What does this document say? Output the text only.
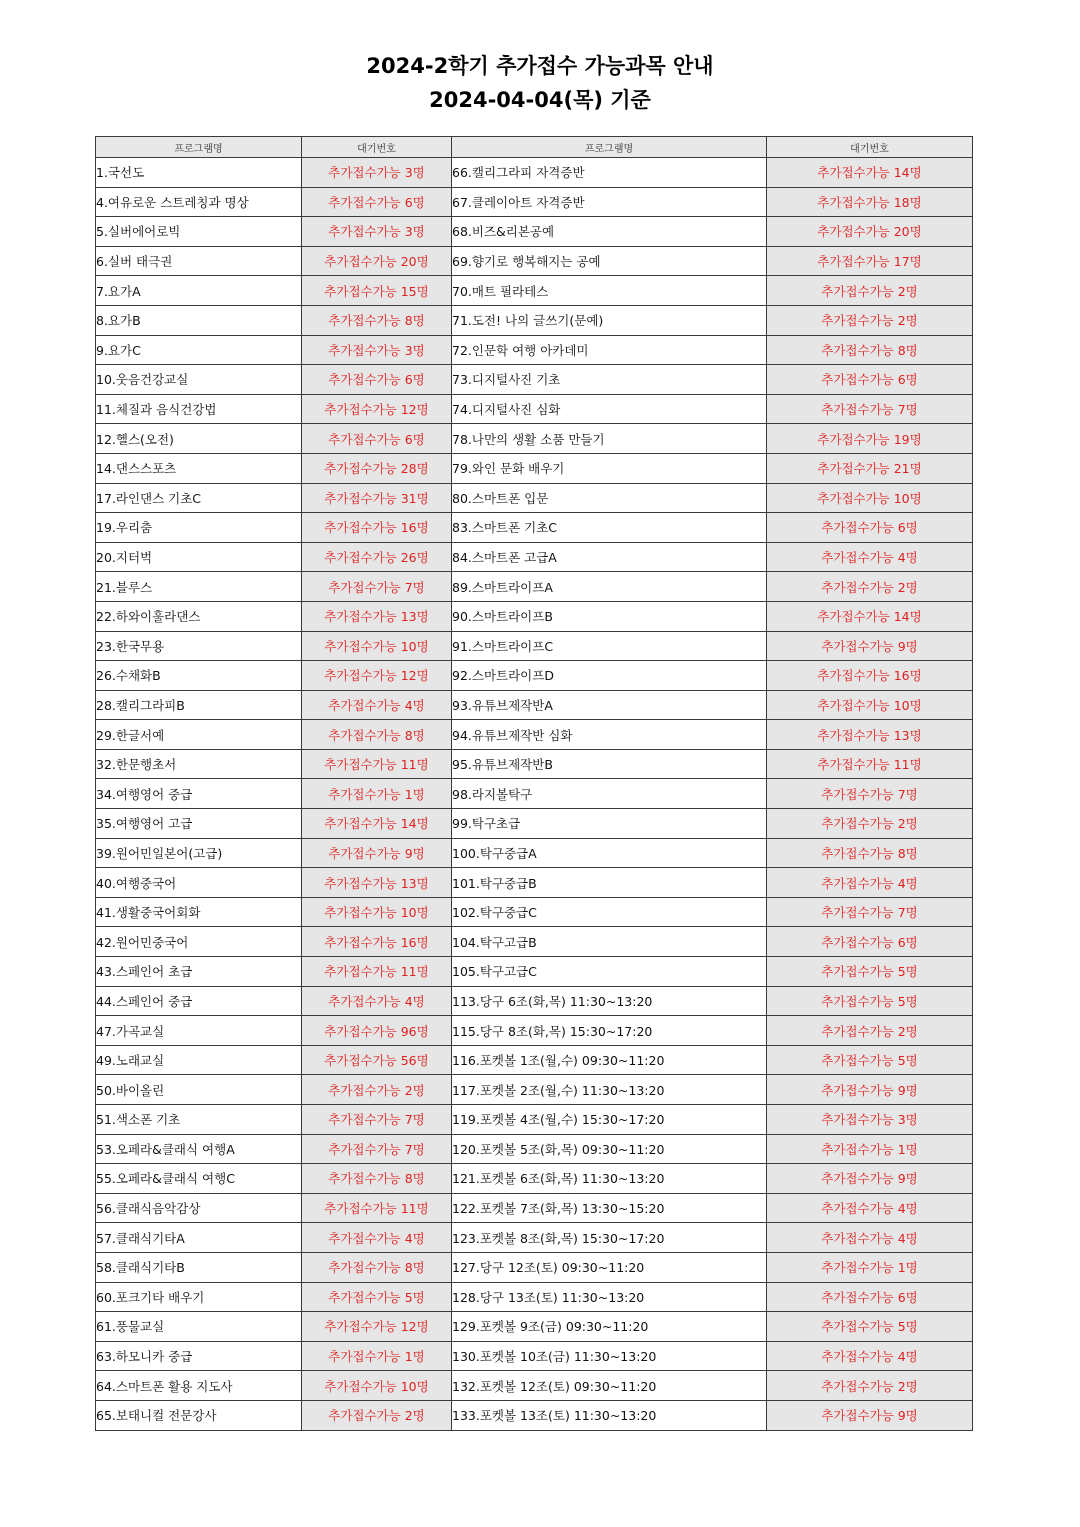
2024-2학기 추가접수 가능과목 안내
2024-04-04(목) 기준
프로그램명	대기번호	프로그램명	대기번호
1.국선도	추가접수가능 3명	66.캘리그라피 자격증반	추가접수가능 14명
4.여유로운 스트레칭과 명상	추가접수가능 6명	67.클레이아트 자격증반	추가접수가능 18명
5.실버에어로빅	추가접수가능 3명	68.비즈&리본공예	추가접수가능 20명
6.실버 태극권	추가접수가능 20명	69.향기로 행복해지는 공예	추가접수가능 17명
7.요가A	추가접수가능 15명	70.매트 필라테스	추가접수가능 2명
8.요가B	추가접수가능 8명	71.도전! 나의 글쓰기(문예)	추가접수가능 2명
9.요가C	추가접수가능 3명	72.인문학 여행 아카데미	추가접수가능 8명
10.웃음건강교실	추가접수가능 6명	73.디지털사진 기초	추가접수가능 6명
11.체질과 음식건강법	추가접수가능 12명	74.디지털사진 심화	추가접수가능 7명
12.헬스(오전)	추가접수가능 6명	78.나만의 생활 소품 만들기	추가접수가능 19명
14.댄스스포츠	추가접수가능 28명	79.와인 문화 배우기	추가접수가능 21명
17.라인댄스 기초C	추가접수가능 31명	80.스마트폰 입문	추가접수가능 10명
19.우리춤	추가접수가능 16명	83.스마트폰 기초C	추가접수가능 6명
20.지터벅	추가접수가능 26명	84.스마트폰 고급A	추가접수가능 4명
21.블루스	추가접수가능 7명	89.스마트라이프A	추가접수가능 2명
22.하와이훌라댄스	추가접수가능 13명	90.스마트라이프B	추가접수가능 14명
23.한국무용	추가접수가능 10명	91.스마트라이프C	추가접수가능 9명
26.수채화B	추가접수가능 12명	92.스마트라이프D	추가접수가능 16명
28.캘리그라피B	추가접수가능 4명	93.유튜브제작반A	추가접수가능 10명
29.한글서예	추가접수가능 8명	94.유튜브제작반 심화	추가접수가능 13명
32.한문행초서	추가접수가능 11명	95.유튜브제작반B	추가접수가능 11명
34.여행영어 중급	추가접수가능 1명	98.라지볼탁구	추가접수가능 7명
35.여행영어 고급	추가접수가능 14명	99.탁구초급	추가접수가능 2명
39.원어민일본어(고급)	추가접수가능 9명	100.탁구중급A	추가접수가능 8명
40.여행중국어	추가접수가능 13명	101.탁구중급B	추가접수가능 4명
41.생활중국어회화	추가접수가능 10명	102.탁구중급C	추가접수가능 7명
42.원어민중국어	추가접수가능 16명	104.탁구고급B	추가접수가능 6명
43.스페인어 초급	추가접수가능 11명	105.탁구고급C	추가접수가능 5명
44.스페인어 중급	추가접수가능 4명	113.당구 6조(화,목) 11:30~13:20	추가접수가능 5명
47.가곡교실	추가접수가능 96명	115.당구 8조(화,목) 15:30~17:20	추가접수가능 2명
49.노래교실	추가접수가능 56명	116.포켓볼 1조(월,수) 09:30~11:20	추가접수가능 5명
50.바이올린	추가접수가능 2명	117.포켓볼 2조(월,수) 11:30~13:20	추가접수가능 9명
51.색소폰 기초	추가접수가능 7명	119.포켓볼 4조(월,수) 15:30~17:20	추가접수가능 3명
53.오페라&클래식 여행A	추가접수가능 7명	120.포켓볼 5조(화,목) 09:30~11:20	추가접수가능 1명
55.오페라&클래식 여행C	추가접수가능 8명	121.포켓볼 6조(화,목) 11:30~13:20	추가접수가능 9명
56.클래식음악감상	추가접수가능 11명	122.포켓볼 7조(화,목) 13:30~15:20	추가접수가능 4명
57.클래식기타A	추가접수가능 4명	123.포켓볼 8조(화,목) 15:30~17:20	추가접수가능 4명
58.클래식기타B	추가접수가능 8명	127.당구 12조(토) 09:30~11:20	추가접수가능 1명
60.포크기타 배우기	추가접수가능 5명	128.당구 13조(토) 11:30~13:20	추가접수가능 6명
61.풍물교실	추가접수가능 12명	129.포켓볼 9조(금) 09:30~11:20	추가접수가능 5명
63.하모니카 중급	추가접수가능 1명	130.포켓볼 10조(금) 11:30~13:20	추가접수가능 4명
64.스마트폰 활용 지도사	추가접수가능 10명	132.포켓볼 12조(토) 09:30~11:20	추가접수가능 2명
65.보태니컬 전문강사	추가접수가능 2명	133.포켓볼 13조(토) 11:30~13:20	추가접수가능 9명
